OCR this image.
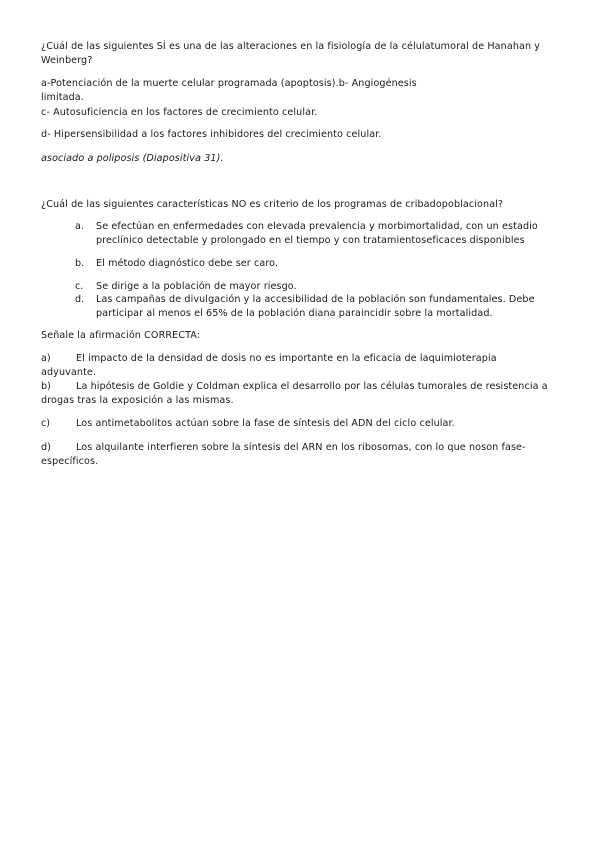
¿Cuál de las siguientes SÍ es una de las alteraciones en la fisiología de la célulatumoral de Hanahan y
Weinberg?
a-Potenciación de la muerte celular programada (apoptosis).b- Angiogénesis
limitada.
c- Autosuficiencia en los factores de crecimiento celular.
d- Hipersensibilidad a los factores inhibidores del crecimiento celular.
asociado a poliposis (Diapositiva 31).
¿Cuál de las siguientes características NO es criterio de los programas de cribadopoblacional?
a. Se efectúan en enfermedades con elevada prevalencia y morbimortalidad, con un estadio
preclínico detectable y prolongado en el tiempo y con tratamientoseficaces disponibles
b. El método diagnóstico debe ser caro.
c. Se dirige a la población de mayor riesgo.
d. Las campañas de divulgación y la accesibilidad de la población son fundamentales. Debe
participar al menos el 65% de la población diana paraincidir sobre la mortalidad.
Señale la afirmación CORRECTA:
a)	El impacto de la densidad de dosis no es importante en la eficacia de laquimioterapia
adyuvante.
b)	La hipótesis de Goldie y Coldman explica el desarrollo por las células tumorales de resistencia a
drogas tras la exposición a las mismas.
c)	Los antimetabolitos actúan sobre la fase de síntesis del ADN del ciclo celular.
d)	Los alquilante interfieren sobre la síntesis del ARN en los ribosomas, con lo que noson fase-
específicos.
